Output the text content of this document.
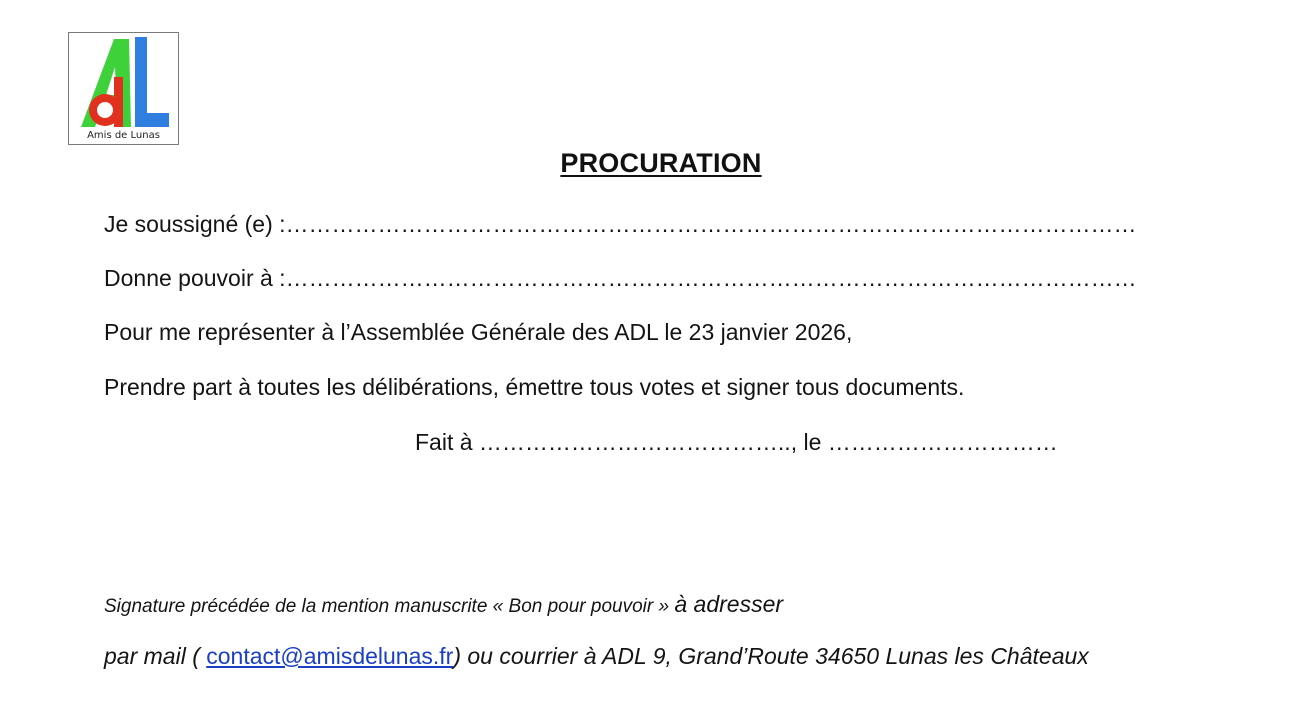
Amis de Lunas
PROCURATION
Je soussigné (e) :…………………………………………………………………………………………………
Donne pouvoir à :…………………………………………………………………………………………………
Pour me représenter à l’Assemblée Générale des ADL le 23 janvier 2026,
Prendre part à toutes les délibérations, émettre tous votes et signer tous documents.
Fait à ………………………………….., le …………………………
Signature précédée de la mention manuscrite « Bon pour pouvoir » à adresser
par mail ( contact@amisdelunas.fr) ou courrier à ADL 9, Grand’Route 34650 Lunas les Châteaux
